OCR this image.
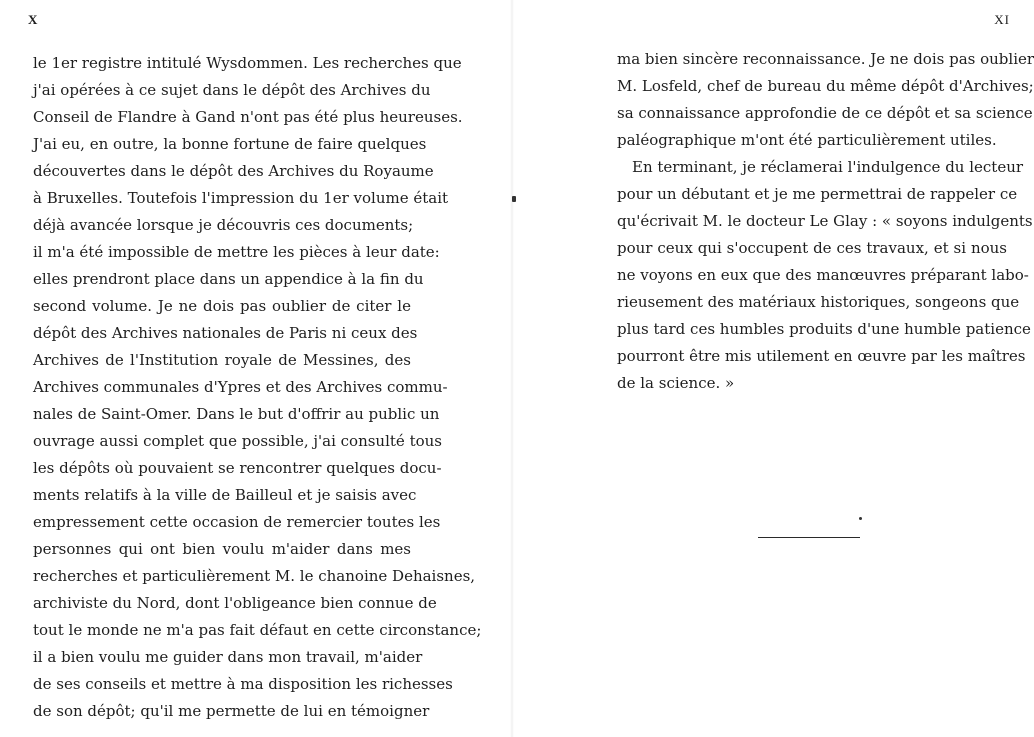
X
le 1er registre intitulé Wysdommen. Les recherches que
j'ai opérées à ce sujet dans le dépôt des Archives du
Conseil de Flandre à Gand n'ont pas été plus heureuses.
J'ai eu, en outre, la bonne fortune de faire quelques
découvertes dans le dépôt des Archives du Royaume
à Bruxelles. Toutefois l'impression du 1er volume était
déjà avancée lorsque je découvris ces documents;
il m'a été impossible de mettre les pièces à leur date:
elles prendront place dans un appendice à la fin du
second volume. Je ne dois pas oublier de citer le
dépôt des Archives nationales de Paris ni ceux des
Archives de l'Institution royale de Messines, des
Archives communales d'Ypres et des Archives commu-
nales de Saint-Omer. Dans le but d'offrir au public un
ouvrage aussi complet que possible, j'ai consulté tous
les dépôts où pouvaient se rencontrer quelques docu-
ments relatifs à la ville de Bailleul et je saisis avec
empressement cette occasion de remercier toutes les
personnes qui ont bien voulu m'aider dans mes
recherches et particulièrement M. le chanoine Dehaisnes,
archiviste du Nord, dont l'obligeance bien connue de
tout le monde ne m'a pas fait défaut en cette circonstance;
il a bien voulu me guider dans mon travail, m'aider
de ses conseils et mettre à ma disposition les richesses
de son dépôt; qu'il me permette de lui en témoigner
XI
ma bien sincère reconnaissance. Je ne dois pas oublier
M. Losfeld, chef de bureau du même dépôt d'Archives;
sa connaissance approfondie de ce dépôt et sa science
paléographique m'ont été particulièrement utiles.
En terminant, je réclamerai l'indulgence du lecteur
pour un débutant et je me permettrai de rappeler ce
qu'écrivait M. le docteur Le Glay : « soyons indulgents
pour ceux qui s'occupent de ces travaux, et si nous
ne voyons en eux que des manœuvres préparant labo-
rieusement des matériaux historiques, songeons que
plus tard ces humbles produits d'une humble patience
pourront être mis utilement en œuvre par les maîtres
de la science. »
